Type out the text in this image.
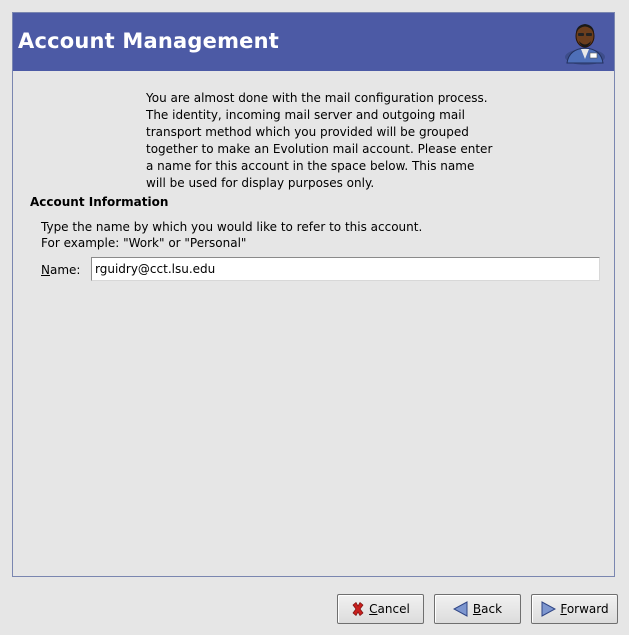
Account Management
You are almost done with the mail configuration process.
The identity, incoming mail server and outgoing mail
transport method which you provided will be grouped
together to make an Evolution mail account. Please enter
a name for this account in the space below. This name
will be used for display purposes only.
Account Information
Type the name by which you would like to refer to this account.
For example: "Work" or "Personal"
Name:
rguidry@cct.lsu.edu
Cancel	Back	Forward
